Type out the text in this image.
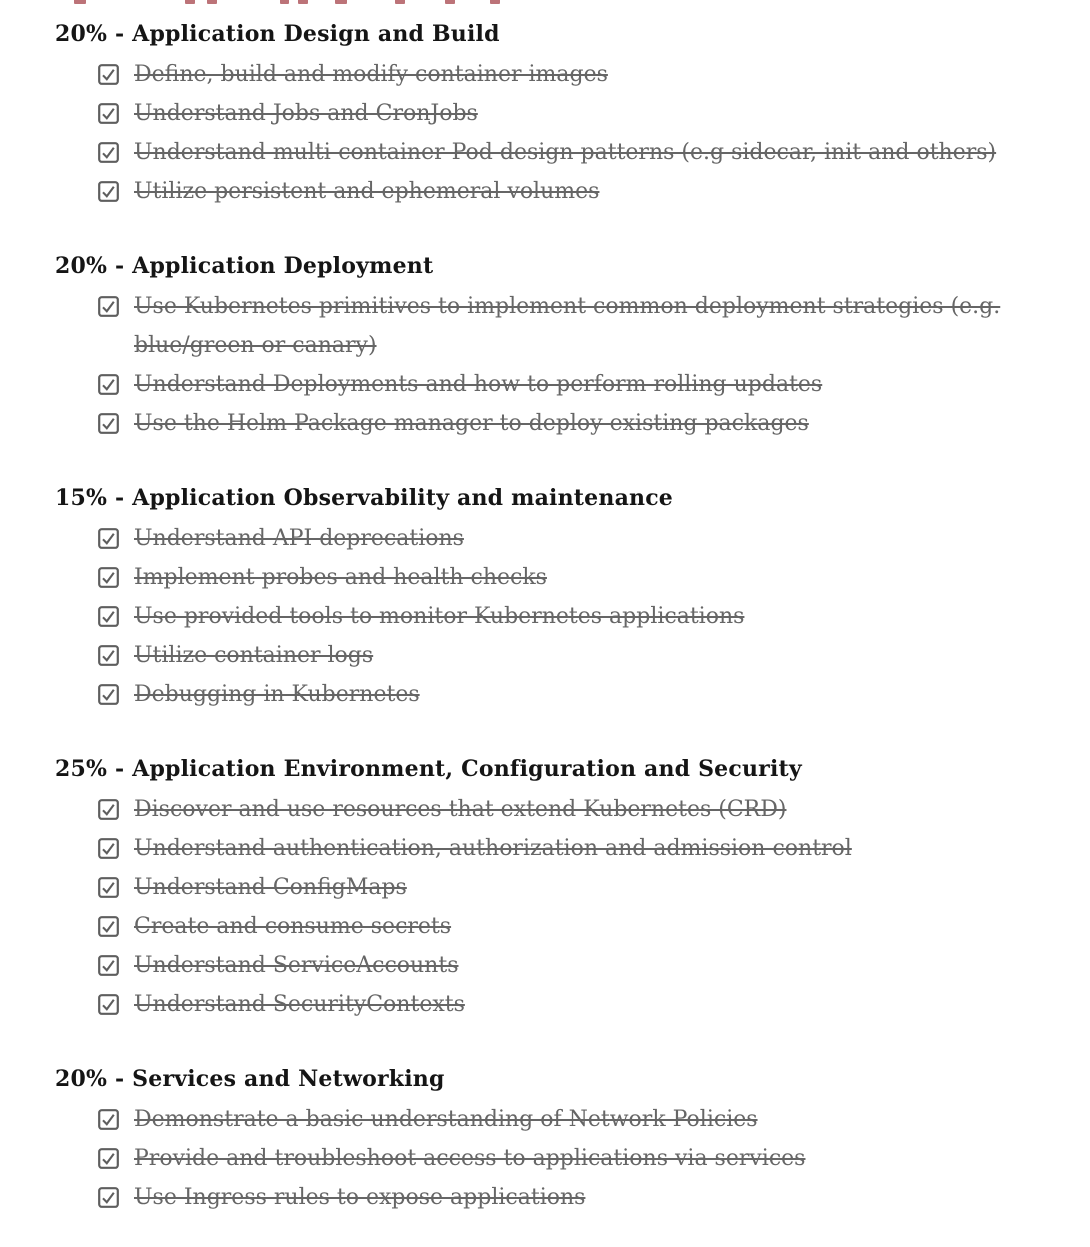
20% - Application Design and Build
Define, build and modify container images
Understand Jobs and CronJobs
Understand multi-container Pod design patterns (e.g sidecar, init and others)
Utilize persistent and ephemeral volumes
20% - Application Deployment
Use Kubernetes primitives to implement common deployment strategies (e.g. blue/green or canary)
Understand Deployments and how to perform rolling updates
Use the Helm Package manager to deploy existing packages
15% - Application Observability and maintenance
Understand API deprecations
Implement probes and health checks
Use provided tools to monitor Kubernetes applications
Utilize container logs
Debugging in Kubernetes
25% - Application Environment, Configuration and Security
Discover and use resources that extend Kubernetes (CRD)
Understand authentication, authorization and admission control
Understand ConfigMaps
Create and consume secrets
Understand ServiceAccounts
Understand SecurityContexts
20% - Services and Networking
Demonstrate a basic understanding of Network Policies
Provide and troubleshoot access to applications via services
Use Ingress rules to expose applications
